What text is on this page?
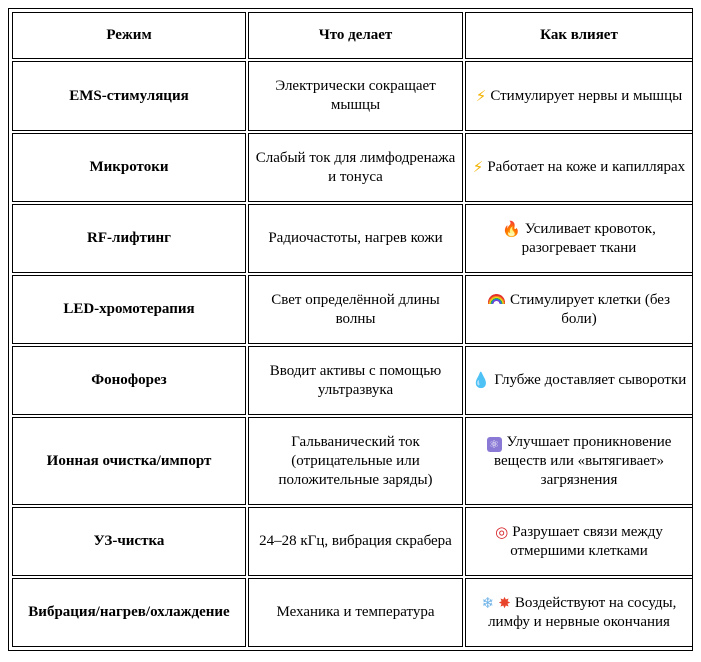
Режим	Что делает	Как влияет
EMS-стимуляция	Электрически сокращает мышцы	⚡ Стимулирует нервы и мышцы
Микротоки	Слабый ток для лимфодренажа и тонуса	⚡ Работает на коже и капиллярах
RF-лифтинг	Радиочастоты, нагрев кожи	🔥 Усиливает кровоток, разогревает ткани
LED-хромотерапия	Свет определённой длины волны	Стимулирует клетки (без боли)
Фонофорез	Вводит активы с помощью ультразвука	💧 Глубже доставляет сыворотки
Ионная очистка/импорт	Гальванический ток (отрицательные или положительные заряды)	⚛ Улучшает проникновение веществ или «вытягивает» загрязнения
УЗ-чистка	24–28 кГц, вибрация скрабера	◎ Разрушает связи между отмершими клетками
Вибрация/нагрев/охлаждение	Механика и температура	❄ ✸ Воздействуют на сосуды, лимфу и нервные окончания
